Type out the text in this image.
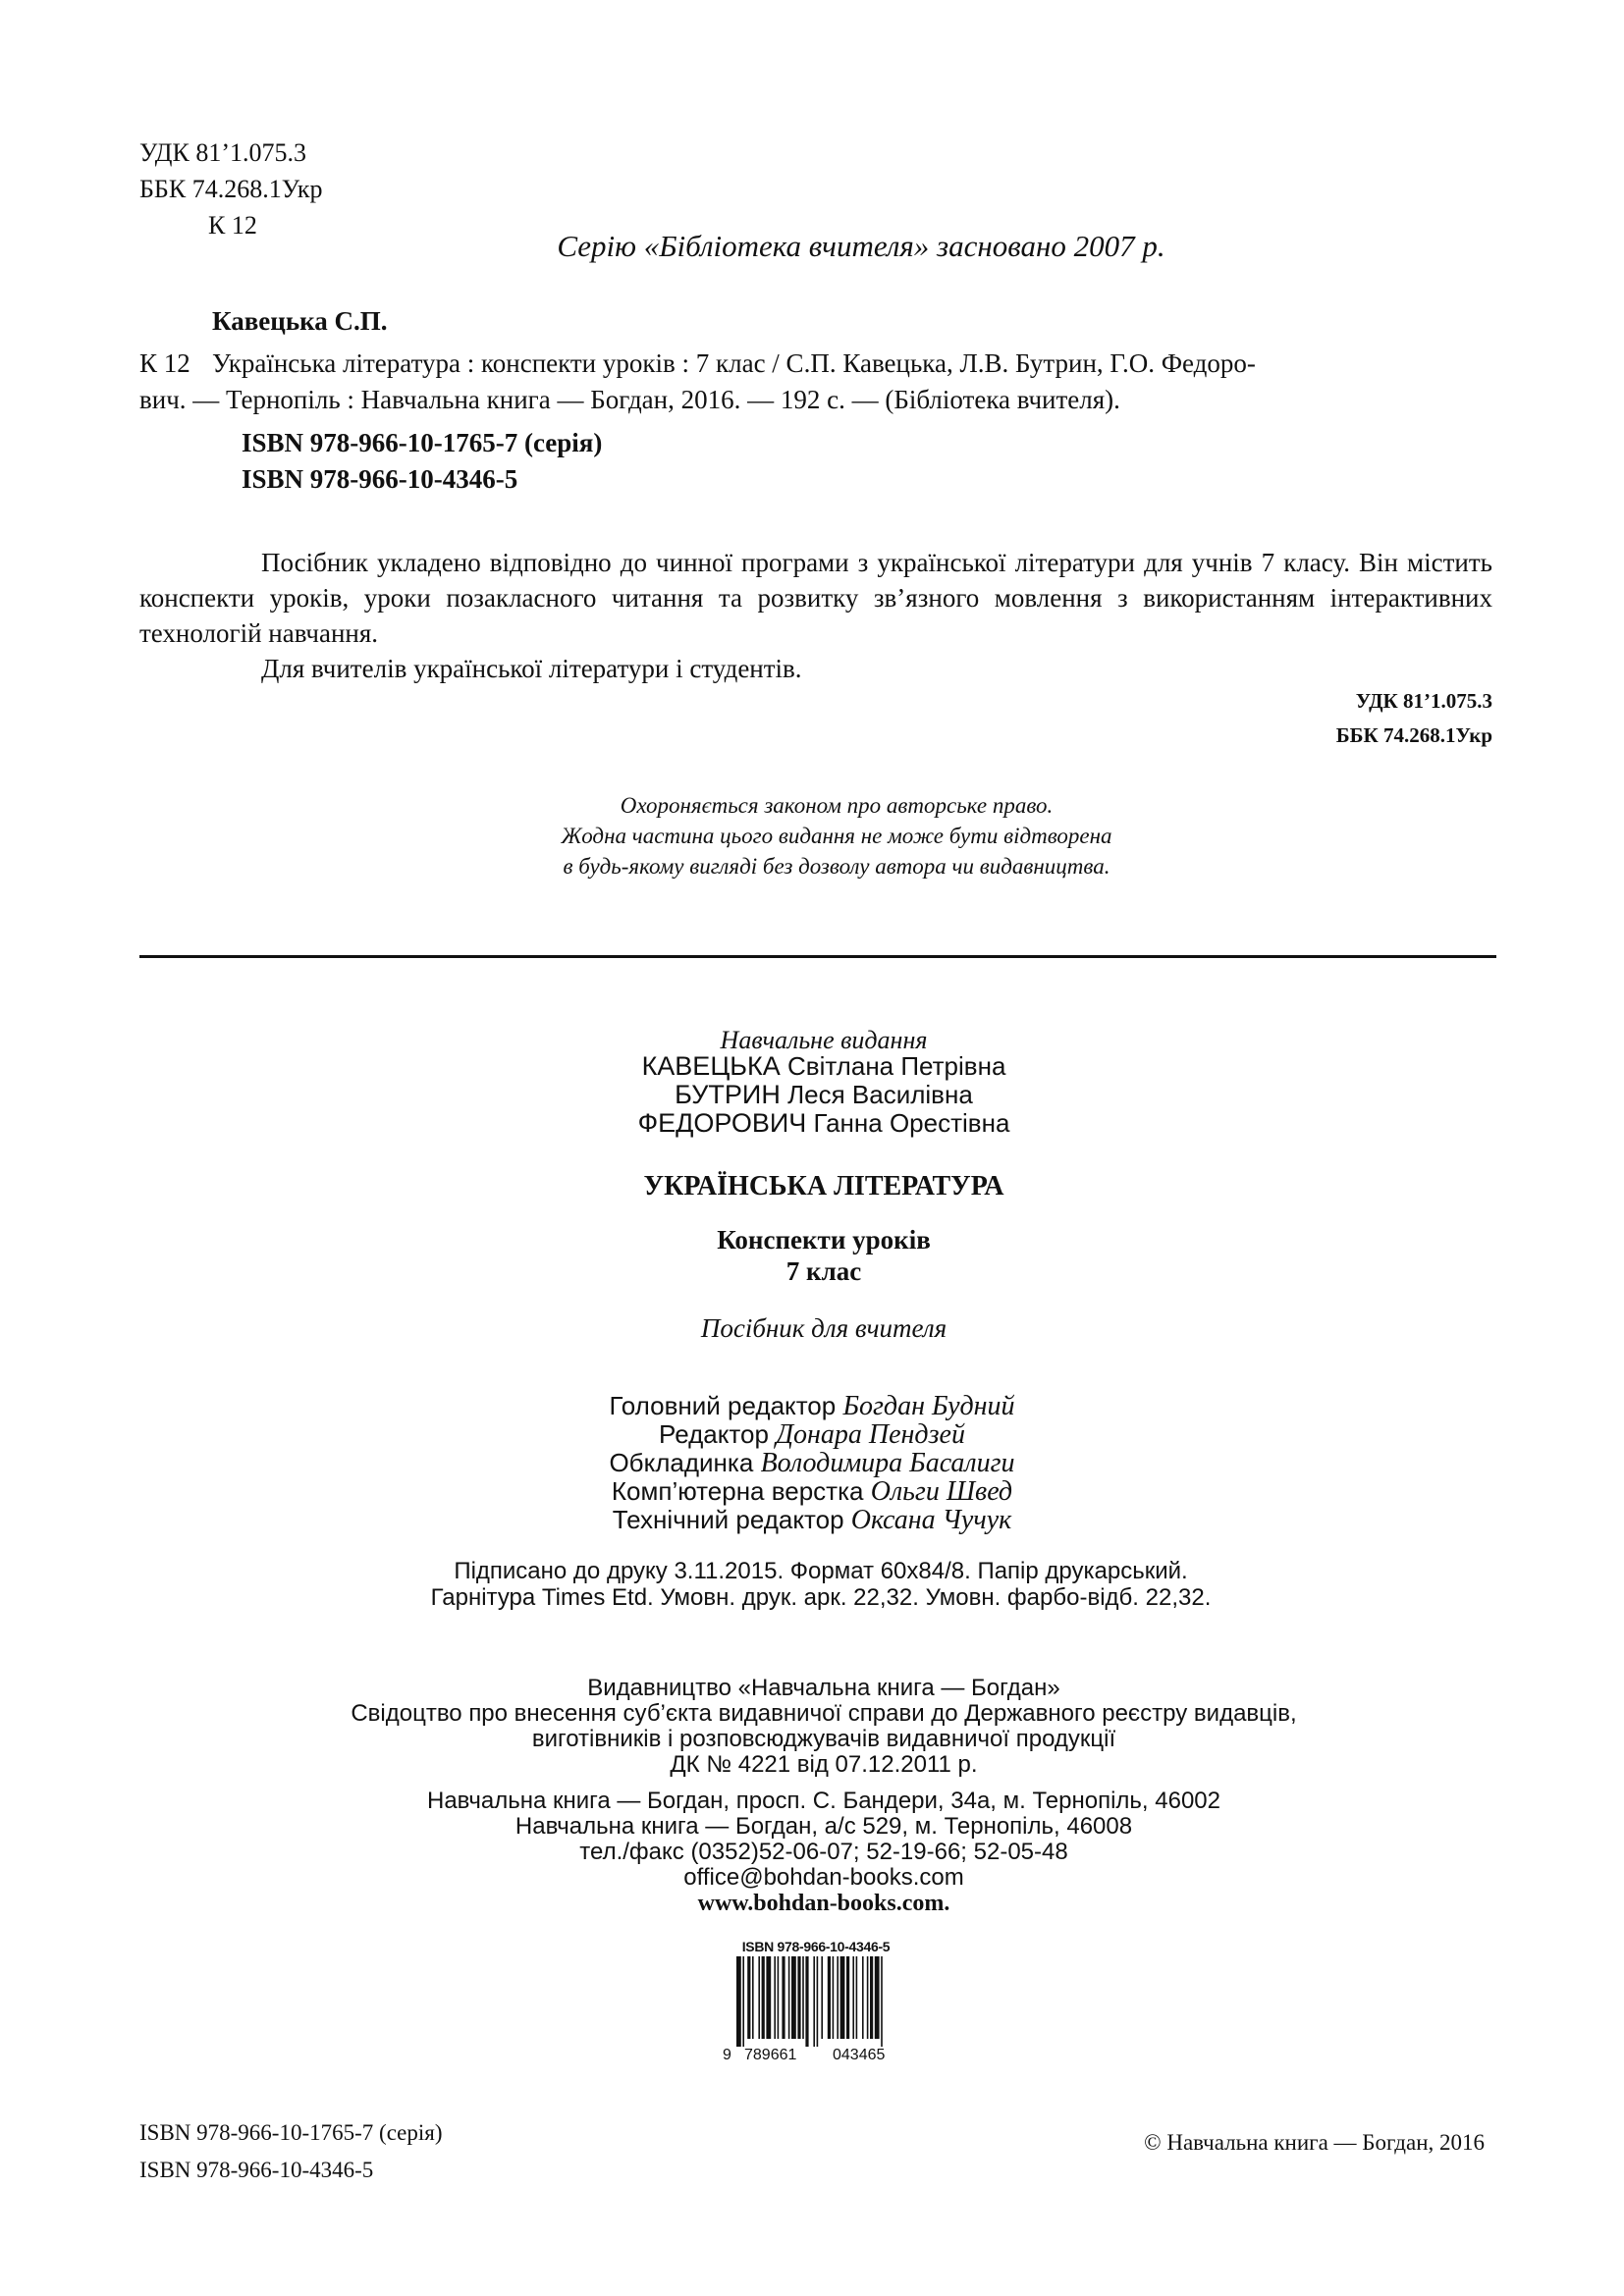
УДК 81’1.075.3
ББК 74.268.1Укр
К 12
Серію «Бібліотека вчителя» засновано 2007 р.
Кавецька С.П.
К 12 Українська література : конспекти уроків : 7 клас / С.П. Кавецька, Л.В. Бутрин, Г.О. Федоро-
вич. — Тернопіль : Навчальна книга — Богдан, 2016. — 192 с. — (Бібліотека вчителя).
ISBN 978-966-10-1765-7 (серія)
ISBN 978-966-10-4346-5

Посібник укладено відповідно до чинної програми з української літератури для учнів 7 класу. Він містить конспекти уроків, уроки позакласного читання та розвитку зв’язного мовлення з використанням інтерактивних технологій навчання.

Для вчителів української літератури і студентів.

УДК 81’1.075.3
ББК 74.268.1Укр
Охороняється законом про авторське право.
Жодна частина цього видання не може бути відтворена
в будь-якому вигляді без дозволу автора чи видавництва.
Навчальне видання
КАВЕЦЬКА Світлана Петрівна
БУТРИН Леся Василівна
ФЕДОРОВИЧ Ганна Орестівна
УКРАЇНСЬКА ЛІТЕРАТУРА
Конспекти уроків
7 клас
Посібник для вчителя
Головний редактор Богдан Будний
Редактор Донара Пендзей
Обкладинка Володимира Басалиги
Комп’ютерна верстка Ольги Швед
Технічний редактор Оксана Чучук
Підписано до друку 3.11.2015. Формат 60х84/8. Папір друкарський.
Гарнітура Times Etd. Умовн. друк. арк. 22,32. Умовн. фарбо-відб. 22,32.
Видавництво «Навчальна книга — Богдан»
Свідоцтво про внесення суб’єкта видавничої справи до Державного реєстру видавців,
виготівників і розповсюджувачів видавничої продукції
ДК № 4221 від 07.12.2011 р.
Навчальна книга — Богдан, просп. С. Бандери, 34а, м. Тернопіль, 46002
Навчальна книга — Богдан, а/с 529, м. Тернопіль, 46008
тел./факс (0352)52-06-07; 52-19-66; 52-05-48
office@bohdan-books.com
www.bohdan-books.com.
ISBN 978-966-10-4346-5
9 789661 043465
ISBN 978-966-10-1765-7 (серія)
ISBN 978-966-10-4346-5
© Навчальна книга — Богдан, 2016
